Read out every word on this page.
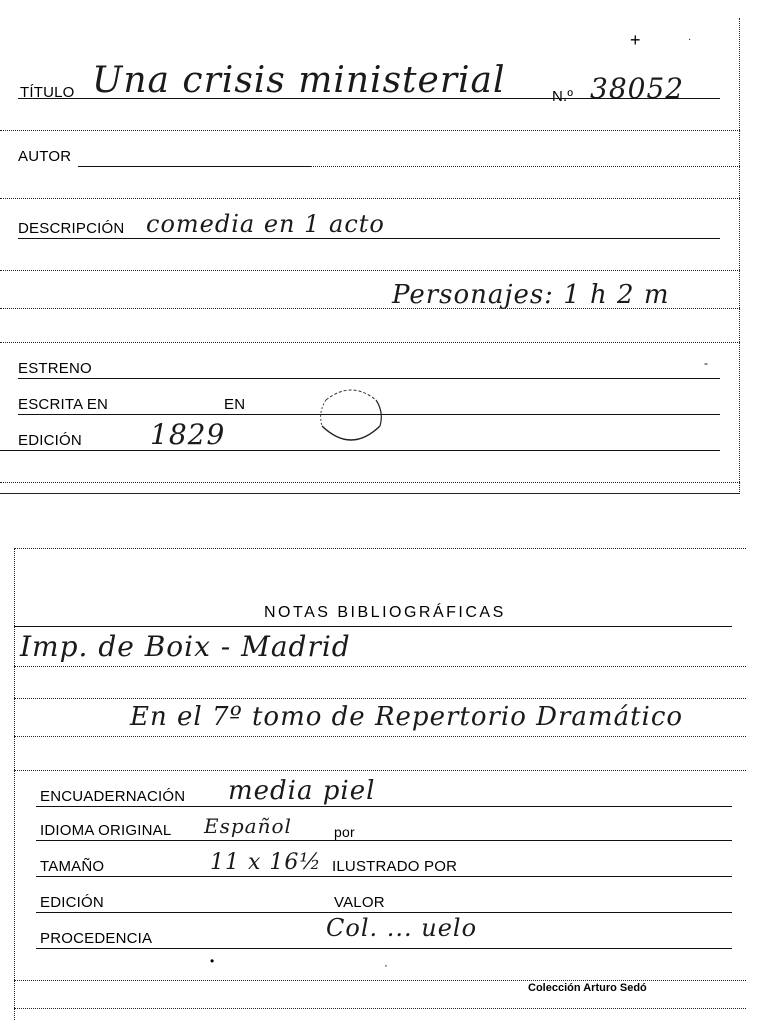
+	·
TÍTULO Una crisis ministerial	N.º 38052
AUTOR
DESCRIPCIÓN comedia en 1 acto
Personajes: 1 h 2 m
ESTRENO	-
ESCRITA EN	EN
EDICIÓN 1829
NOTAS BIBLIOGRÁFICAS
Imp. de Boix - Madrid
En el 7º tomo de Repertorio Dramático
ENCUADERNACIÓN media piel
IDIOMA ORIGINAL Español	por
TAMAÑO	11 x 16½ ILUSTRADO POR
EDICIÓN	VALOR
PROCEDENCIA	Col. ... uelo
•	·
Colección Arturo Sedó
